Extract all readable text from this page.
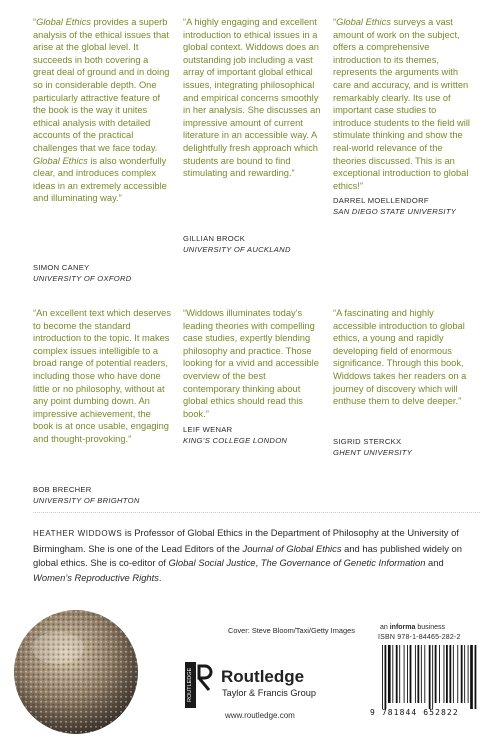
“Global Ethics provides a superb analysis of the ethical issues that arise at the global level. It succeeds in both covering a great deal of ground and in doing so in considerable depth. One particularly attractive feature of the book is the way it unites ethical analysis with detailed accounts of the practical challenges that we face today. Global Ethics is also wonderfully clear, and introduces complex ideas in an extremely accessible and illuminating way.”

SIMON CANEY

UNIVERSITY OF OXFORD

“A highly engaging and excellent introduction to ethical issues in a global context. Widdows does an outstanding job including a vast array of important global ethical issues, integrating philosophical and empirical concerns smoothly in her analysis. She discusses an impressive amount of current literature in an accessible way. A delightfully fresh approach which students are bound to find stimulating and rewarding.”

GILLIAN BROCK

UNIVERSITY OF AUCKLAND

“Global Ethics surveys a vast amount of work on the subject, offers a comprehensive introduction to its themes, represents the arguments with care and accuracy, and is written remarkably clearly. Its use of important case studies to introduce students to the field will stimulate thinking and show the real-world relevance of the theories discussed. This is an exceptional introduction to global ethics!”

DARREL MOELLENDORF

SAN DIEGO STATE UNIVERSITY

“An excellent text which deserves to become the standard introduction to the topic. It makes complex issues intelligible to a broad range of potential readers, including those who have done little or no philosophy, without at any point dumbing down. An impressive achievement, the book is at once usable, engaging and thought-provoking.”

BOB BRECHER

UNIVERSITY OF BRIGHTON

“Widdows illuminates today’s leading theories with compelling case studies, expertly blending philosophy and practice. Those looking for a vivid and accessible overview of the best contemporary thinking about global ethics should read this book.”

LEIF WENAR

KING’S COLLEGE LONDON

“A fascinating and highly accessible introduction to global ethics, a young and rapidly developing field of enormous significance. Through this book, Widdows takes her readers on a journey of discovery which will enthuse them to delve deeper.”

SIGRID STERCKX

GHENT UNIVERSITY

HEATHER WIDDOWS is Professor of Global Ethics in the Department of Philosophy at the University of Birmingham. She is one of the Lead Editors of the Journal of Global Ethics and has published widely on global ethics. She is co-editor of Global Social Justice, The Governance of Genetic Information and Women’s Reproductive Rights.

Cover: Steve Bloom/Taxi/Getty Images
ROUTLEDGE Routledge
Taylor & Francis Group
www.routledge.com
an informa business
ISBN 978-1-84465-282-2
9 781844 652822
